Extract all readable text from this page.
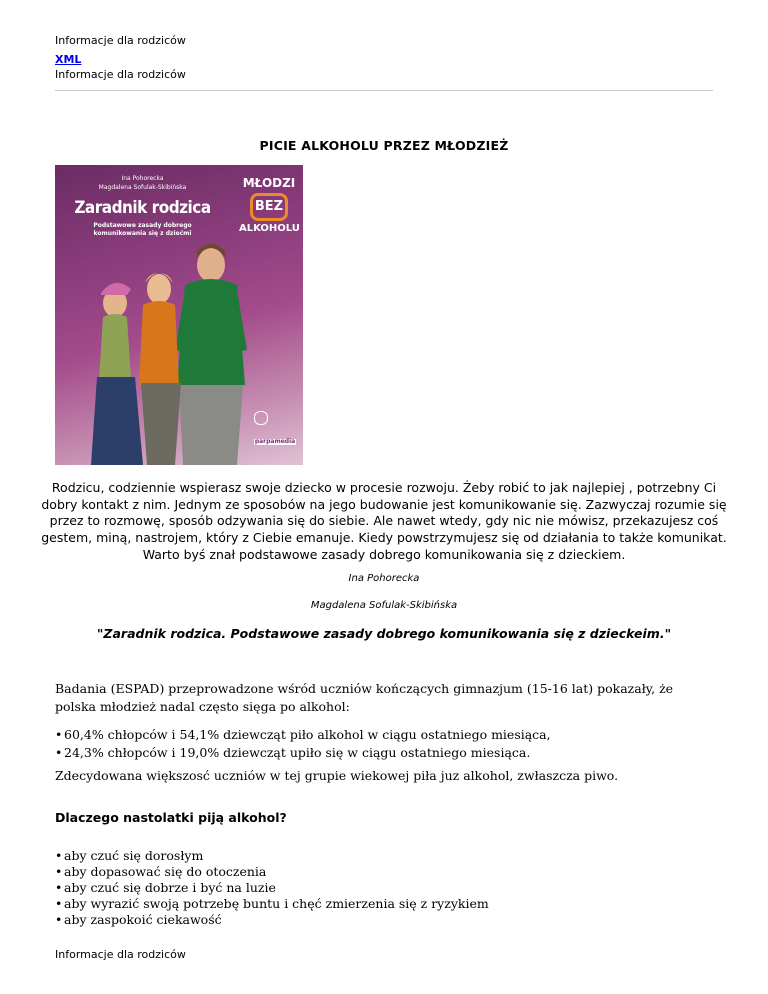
Informacje dla rodziców
XML
Informacje dla rodziców
PICIE ALKOHOLU PRZEZ MŁODZIEŻ
Ina Pohorecka
Magdalena Sofulak-Skibińska
Zaradnik rodzica
Podstawowe zasady dobrego
komunikowania się z dziećmi
MŁODZI
BEZ
ALKOHOLU
parpamedia
Rodzicu, codziennie wspierasz swoje dziecko w procesie rozwoju. Żeby robić to jak najlepiej , potrzebny Ci dobry kontakt z nim. Jednym ze sposobów na jego budowanie jest komunikowanie się. Zazwyczaj rozumie się przez to rozmowę, sposób odzywania się do siebie. Ale nawet wtedy, gdy nic nie mówisz, przekazujesz coś gestem, miną, nastrojem, który z Ciebie emanuje. Kiedy powstrzymujesz się od działania to także komunikat. Warto byś znał podstawowe zasady dobrego komunikowania się z dzieckiem.
Ina Pohorecka
Magdalena Sofulak-Skibińska
"Zaradnik rodzica. Podstawowe zasady dobrego komunikowania się z dzieckeim."
Badania (ESPAD) przeprowadzone wśród uczniów kończących gimnazjum (15-16 lat) pokazały, że polska młodzież nadal często sięga po alkohol:
• 60,4% chłopców i 54,1% dziewcząt piło alkohol w ciągu ostatniego miesiąca,
• 24,3% chłopców i 19,0% dziewcząt upiło się w ciągu ostatniego miesiąca.
Zdecydowana większosć uczniów w tej grupie wiekowej piła juz alkohol, zwłaszcza piwo.
Dlaczego nastolatki piją alkohol?
• aby czuć się dorosłym
• aby dopasować się do otoczenia
• aby czuć się dobrze i być na luzie
• aby wyrazić swoją potrzebę buntu i chęć zmierzenia się z ryzykiem
• aby zaspokoić ciekawość
Informacje dla rodziców
